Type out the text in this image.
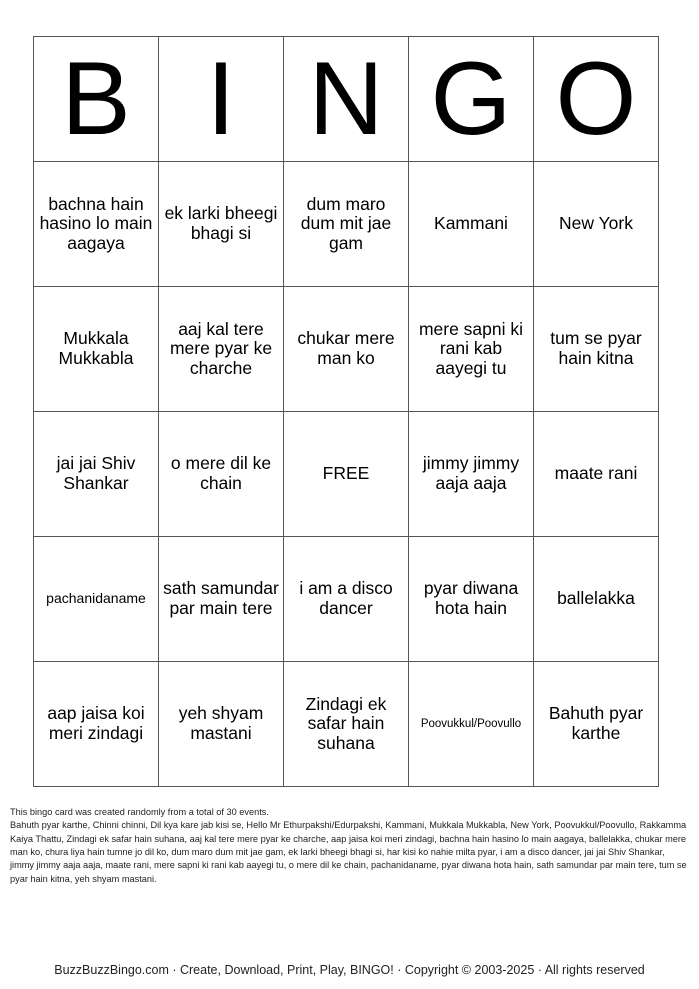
B	I	N	G	O
bachna hain hasino lo main aagaya	ek larki bheegi bhagi si	dum maro dum mit jae gam	Kammani	New York
Mukkala Mukkabla	aaj kal tere mere pyar ke charche	chukar mere man ko	mere sapni ki rani kab aayegi tu	tum se pyar hain kitna
jai jai Shiv Shankar	o mere dil ke chain	FREE	jimmy jimmy aaja aaja	maate rani
pachanidaname	sath samundar par main tere	i am a disco dancer	pyar diwana hota hain	ballelakka
aap jaisa koi meri zindagi	yeh shyam mastani	Zindagi ek safar hain suhana	Poovukkul/Poovullo	Bahuth pyar karthe

This bingo card was created randomly from a total of 30 events.

Bahuth pyar karthe, Chinni chinni, Dil kya kare jab kisi se, Hello Mr Ethurpakshi/Edurpakshi, Kammani, Mukkala Mukkabla, New York, Poovukkul/Poovullo, Rakkamma Kaiya Thattu, Zindagi ek safar hain suhana, aaj kal tere mere pyar ke charche, aap jaisa koi meri zindagi, bachna hain hasino lo main aagaya, ballelakka, chukar mere man ko, chura liya hain tumne jo dil ko, dum maro dum mit jae gam, ek larki bheegi bhagi si, har kisi ko nahie milta pyar, i am a disco dancer, jai jai Shiv Shankar, jimmy jimmy aaja aaja, maate rani, mere sapni ki rani kab aayegi tu, o mere dil ke chain, pachanidaname, pyar diwana hota hain, sath samundar par main tere, tum se pyar hain kitna, yeh shyam mastani.

BuzzBuzzBingo.com · Create, Download, Print, Play, BINGO! · Copyright © 2003-2025 · All rights reserved
